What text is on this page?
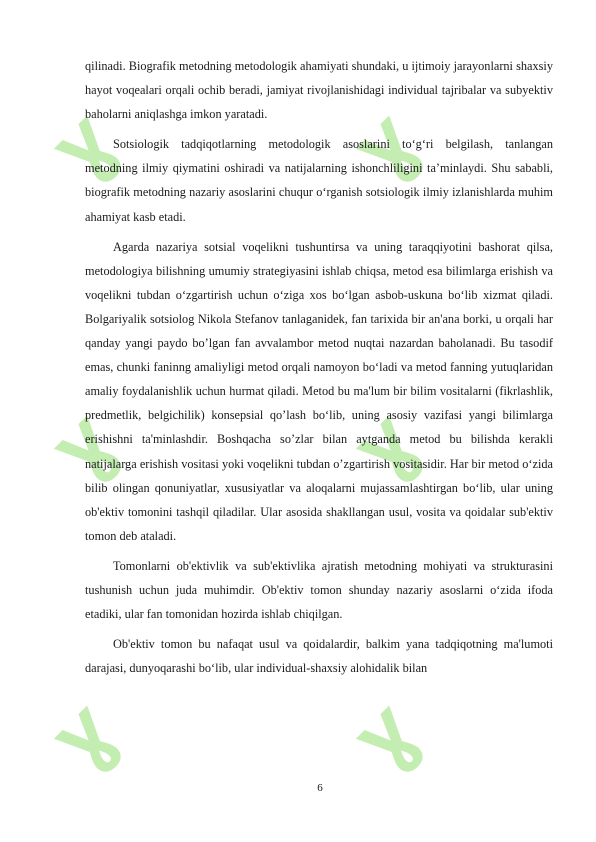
ɣ ɣ
ɣ ɣ
ɣ ɣ

qilinadi. Biografik metodning metodologik ahamiyati shundaki, u ijtimoiy jarayonlarni shaxsiy hayot voqealari orqali ochib beradi, jamiyat rivojlanishidagi individual tajribalar va subyektiv baholarni aniqlashga imkon yaratadi.

Sotsiologik tadqiqotlarning metodologik asoslarini to‘g‘ri belgilash, tanlangan metodning ilmiy qiymatini oshiradi va natijalarning ishonchliligini ta’minlaydi. Shu sababli, biografik metodning nazariy asoslarini chuqur o‘rganish sotsiologik ilmiy izlanishlarda muhim ahamiyat kasb etadi.

Agarda nazariya sotsial voqelikni tushuntirsa va uning taraqqiyotini bashorat qilsa, metodologiya bilishning umumiy strategiyasini ishlab chiqsa, metod esa bilimlarga erishish va voqelikni tubdan o‘zgartirish uchun o‘ziga xos bo‘lgan asbob-uskuna bo‘lib xizmat qiladi. Bolgariyalik sotsiolog Nikola Stefanov tanlaganidek, fan tarixida bir an'ana borki, u orqali har qanday yangi paydo bo’lgan fan avvalambor metod nuqtai nazardan baholanadi. Bu tasodif emas, chunki faninng amaliyligi metod orqali namoyon bo‘ladi va metod fanning yutuqlaridan amaliy foydalanishlik uchun hurmat qiladi. Metod bu ma'lum bir bilim vositalarni (fikrlashlik, predmetlik, belgichilik) konsepsial qo’lash bo‘lib, uning asosiy vazifasi yangi bilimlarga erishishni ta'minlashdir. Boshqacha so’zlar bilan aytganda metod bu bilishda kerakli natijalarga erishish vositasi yoki voqelikni tubdan o’zgartirish vositasidir. Har bir metod o‘zida bilib olingan qonuniyatlar, xususiyatlar va aloqalarni mujassamlashtirgan bo‘lib, ular uning ob'ektiv tomonini tashqil qiladilar. Ular asosida shakllangan usul, vosita va qoidalar sub'ektiv tomon deb ataladi.

Tomonlarni ob'ektivlik va sub'ektivlika ajratish metodning mohiyati va strukturasini tushunish uchun juda muhimdir. Ob'ektiv tomon shunday nazariy asoslarni o‘zida ifoda etadiki, ular fan tomonidan hozirda ishlab chiqilgan.

Ob'ektiv tomon bu nafaqat usul va qoidalardir, balkim yana tadqiqotning ma'lumoti darajasi, dunyoqarashi bo‘lib, ular individual-shaxsiy alohidalik bilan

6
